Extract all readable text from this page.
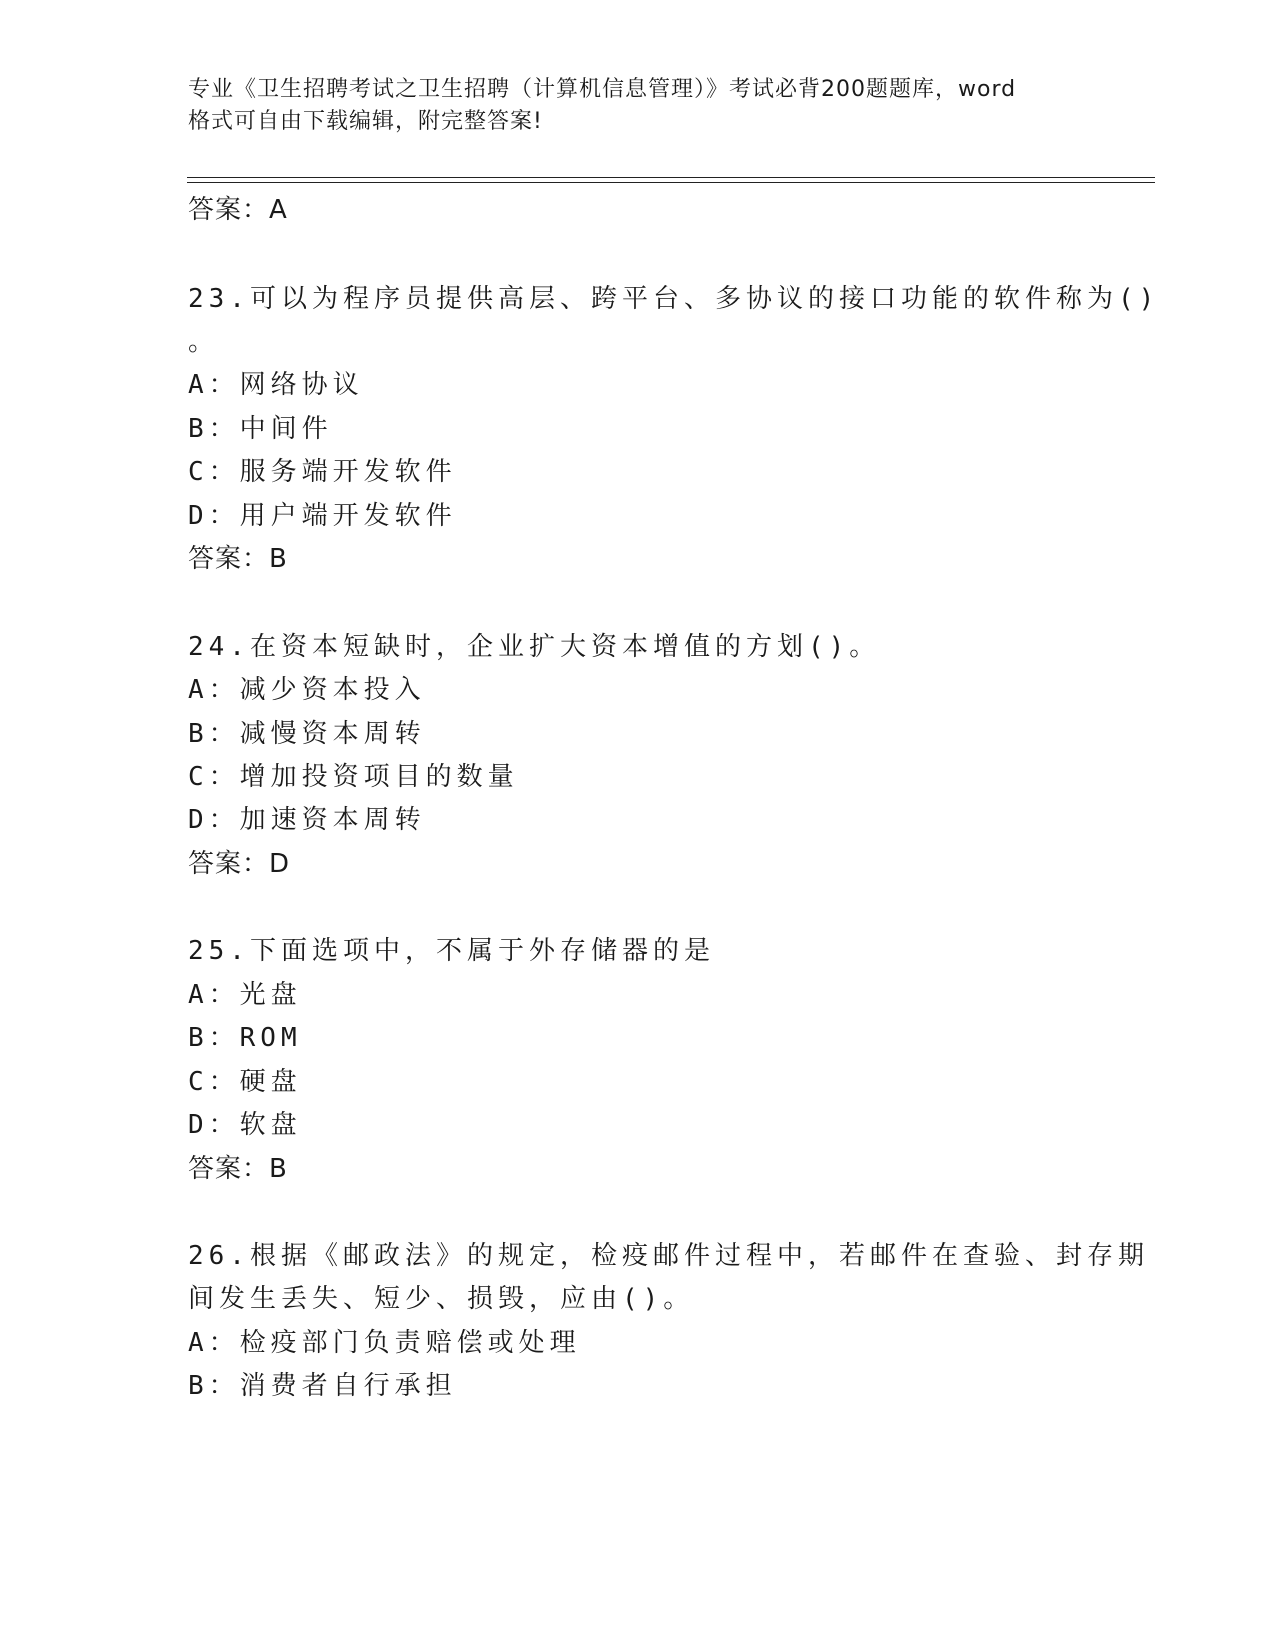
专业《卫生招聘考试之卫生招聘（计算机信息管理）》考试必背200题题库，word
格式可自由下载编辑，附完整答案!
答案：A
23.可以为程序员提供高层、跨平台、多协议的接口功能的软件称为()
。
A：网络协议
B：中间件
C：服务端开发软件
D：用户端开发软件
答案：B
24.在资本短缺时，企业扩大资本增值的方划()。
A：减少资本投入
B：减慢资本周转
C：增加投资项目的数量
D：加速资本周转
答案：D
25.下面选项中，不属于外存储器的是
A：光盘
B：ROM
C：硬盘
D：软盘
答案：B
26.根据《邮政法》的规定，检疫邮件过程中，若邮件在查验、封存期
间发生丢失、短少、损毁，应由()。
A：检疫部门负责赔偿或处理
B：消费者自行承担
